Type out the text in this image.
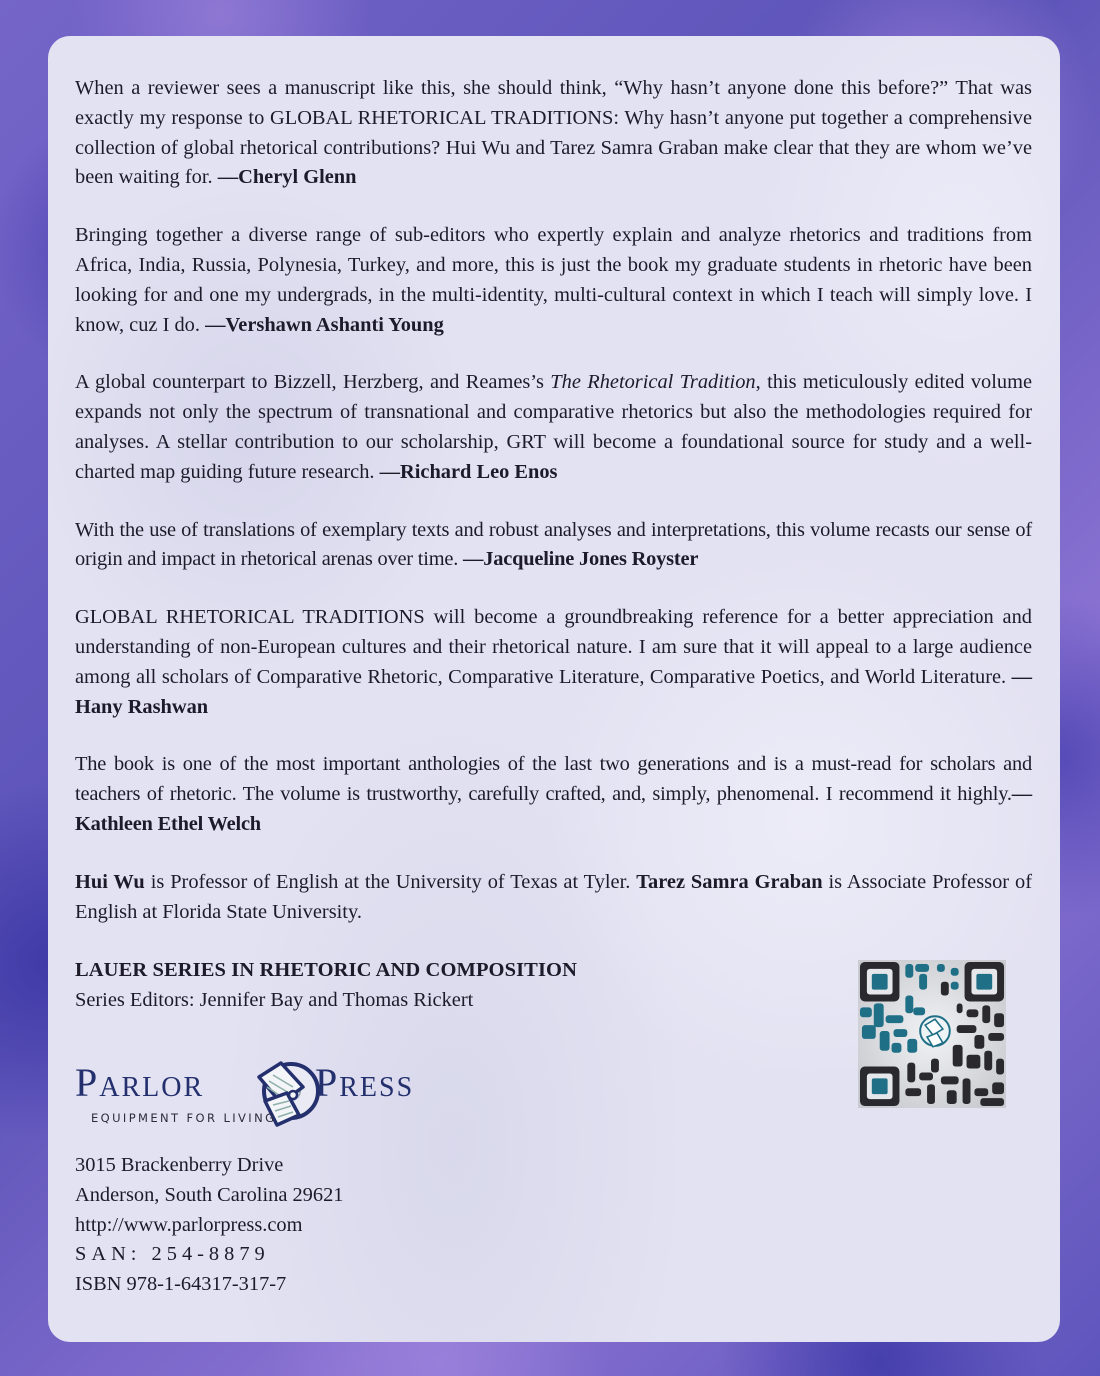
When a reviewer sees a manuscript like this, she should think, “Why hasn’t anyone done this before?” That was exactly my response to GLOBAL RHETORICAL TRADITIONS: Why hasn’t anyone put together a comprehensive collection of global rhetorical contributions? Hui Wu and Tarez Samra Graban make clear that they are whom we’ve been waiting for. —Cheryl Glenn

Bringing together a diverse range of sub-editors who expertly explain and analyze rhetorics and traditions from Africa, India, Russia, Polynesia, Turkey, and more, this is just the book my graduate students in rhetoric have been looking for and one my undergrads, in the multi-identity, multi-cultural context in which I teach will simply love. I know, cuz I do. —Vershawn Ashanti Young

A global counterpart to Bizzell, Herzberg, and Reames’s The Rhetorical Tradition, this meticulously edited volume expands not only the spectrum of transnational and comparative rhetorics but also the methodologies required for analyses. A stellar contribution to our scholarship, GRT will become a foundational source for study and a well-charted map guiding future research. —Richard Leo Enos

With the use of translations of exemplary texts and robust analyses and interpretations, this volume recasts our sense of origin and impact in rhetorical arenas over time. —Jacqueline Jones Royster

GLOBAL RHETORICAL TRADITIONS will become a groundbreaking reference for a better appreciation and understanding of non-European cultures and their rhetorical nature. I am sure that it will appeal to a large audience among all scholars of Comparative Rhetoric, Comparative Literature, Comparative Poetics, and World Literature. —Hany Rashwan

The book is one of the most important anthologies of the last two generations and is a must-read for scholars and teachers of rhetoric. The volume is trustworthy, carefully crafted, and, simply, phenomenal. I recommend it highly.—Kathleen Ethel Welch

Hui Wu is Professor of English at the University of Texas at Tyler. Tarez Samra Graban is Associate Professor of English at Florida State University.

LAUER SERIES IN RHETORIC AND COMPOSITION

Series Editors: Jennifer Bay and Thomas Rickert

Parlor	Press
EQUIPMENT FOR LIVING
3015 Brackenberry Drive
Anderson, South Carolina 29621
http://www.parlorpress.com
SAN: 254-8879
ISBN 978-1-64317-317-7
